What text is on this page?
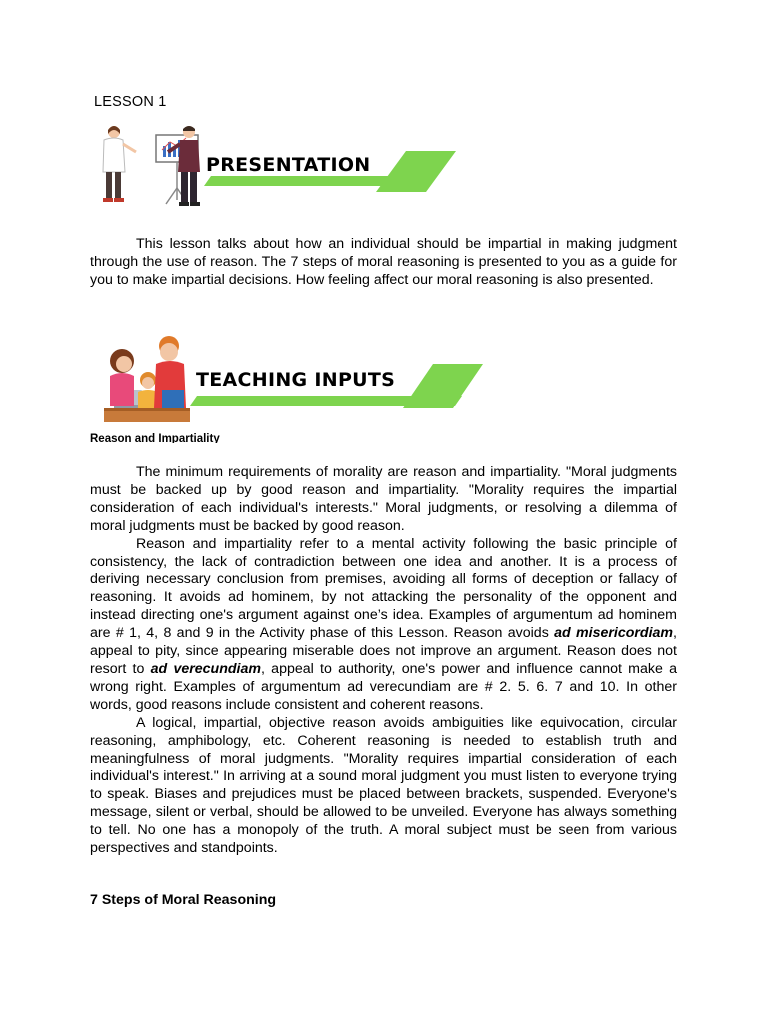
LESSON 1
PRESENTATION

This lesson talks about how an individual should be impartial in making judgment through the use of reason. The 7 steps of moral reasoning is presented to you as a guide for you to make impartial decisions. How feeling affect our moral reasoning is also presented.

TEACHING INPUTS
Reason and Impartiality

The minimum requirements of morality are reason and impartiality. "Moral judgments must be backed up by good reason and impartiality. "Morality requires the impartial consideration of each individual's interests." Moral judgments, or resolving a dilemma of moral judgments must be backed by good reason.

Reason and impartiality refer to a mental activity following the basic principle of consistency, the lack of contradiction between one idea and another. It is a process of deriving necessary conclusion from premises, avoiding all forms of deception or fallacy of reasoning. It avoids ad hominem, by not attacking the personality of the opponent and instead directing one's argument against one’s idea. Examples of argumentum ad hominem are # 1, 4, 8 and 9 in the Activity phase of this Lesson. Reason avoids ad misericordiam, appeal to pity, since appearing miserable does not improve an argument. Reason does not resort to ad verecundiam, appeal to authority, one's power and influence cannot make a wrong right. Examples of argumentum ad verecundiam are # 2. 5. 6. 7 and 10. In other words, good reasons include consistent and coherent reasons.

A logical, impartial, objective reason avoids ambiguities like equivocation, circular reasoning, amphibology, etc. Coherent reasoning is needed to establish truth and meaningfulness of moral judgments. "Morality requires impartial consideration of each individual's interest." In arriving at a sound moral judgment you must listen to everyone trying to speak. Biases and prejudices must be placed between brackets, suspended. Everyone's message, silent or verbal, should be allowed to be unveiled. Everyone has always something to tell. No one has a monopoly of the truth. A moral subject must be seen from various perspectives and standpoints.

7 Steps of Moral Reasoning
